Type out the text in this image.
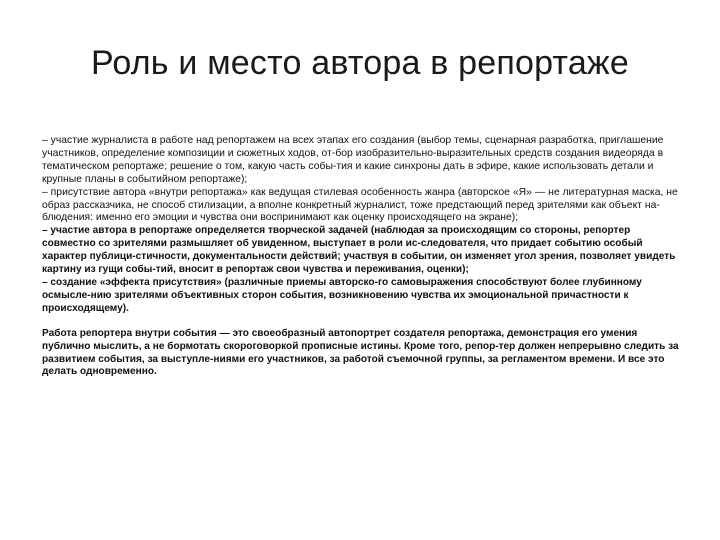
Роль и место автора в репортаже

– участие журналиста в работе над репортажем на всех этапах его создания (выбор темы, сценарная разработка, приглашение участников, определение композиции и сюжетных ходов, от-бор изобразительно-выразительных средств создания видеоряда в тематическом репортаже; решение о том, какую часть собы-тия и какие синхроны дать в эфире, какие использовать детали и крупные планы в событийном репортаже);

– присутствие автора «внутри репортажа» как ведущая стилевая особенность жанра (авторское «Я» — не литературная маска, не образ рассказчика, не способ стилизации, а вполне конкретный журналист, тоже предстающий перед зрителями как объект на-блюдения: именно его эмоции и чувства они воспринимают как оценку происходящего на экране);

– участие автора в репортаже определяется творческой задачей (наблюдая за происходящим со стороны, репортер совместно со зрителями размышляет об увиденном, выступает в роли ис-следователя, что придает событию особый характер публици-стичности, документальности действий; участвуя в событии, он изменяет угол зрения, позволяет увидеть картину из гущи собы-тий, вносит в репортаж свои чувства и переживания, оценки);

– создание «эффекта присутствия» (различные приемы авторско-го самовыражения способствуют более глубинному осмысле-нию зрителями объективных сторон события, возникновению чувства их эмоциональной причастности к происходящему).

Работа репортера внутри события — это своеобразный автопортрет создателя репортажа, демонстрация его умения публично мыслить, а не бормотать скороговоркой прописные истины. Кроме того, репор-тер должен непрерывно следить за развитием события, за выступле-ниями его участников, за работой съемочной группы, за регламентом времени. И все это делать одновременно.
